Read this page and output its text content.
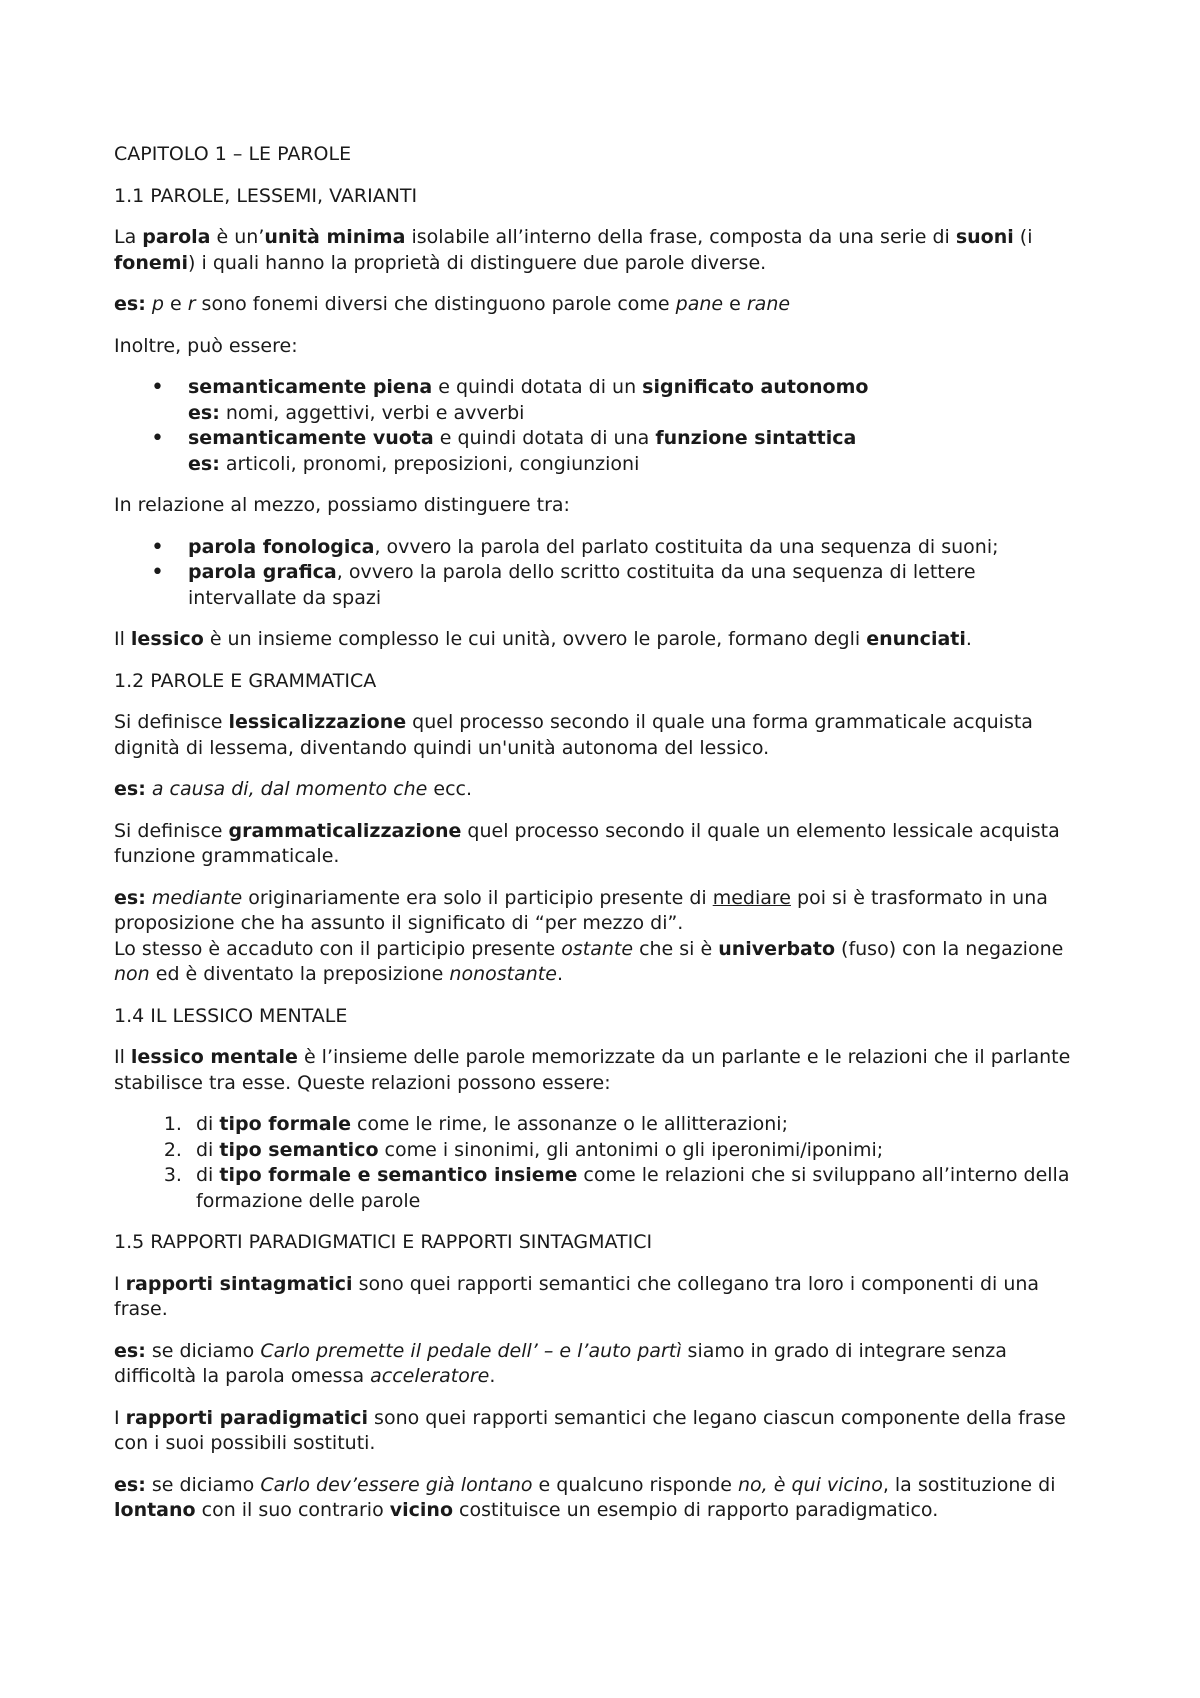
CAPITOLO 1 – LE PAROLE

1.1 PAROLE, LESSEMI, VARIANTI

La parola è un’unità minima isolabile all’interno della frase, composta da una serie di suoni (i fonemi) i quali hanno la proprietà di distinguere due parole diverse.

es: p e r sono fonemi diversi che distinguono parole come pane e rane

Inoltre, può essere:

• semanticamente piena e quindi dotata di un significato autonomo
es: nomi, aggettivi, verbi e avverbi
• semanticamente vuota e quindi dotata di una funzione sintattica
es: articoli, pronomi, preposizioni, congiunzioni

In relazione al mezzo, possiamo distinguere tra:

• parola fonologica, ovvero la parola del parlato costituita da una sequenza di suoni;
• parola grafica, ovvero la parola dello scritto costituita da una sequenza di lettere intervallate da spazi

Il lessico è un insieme complesso le cui unità, ovvero le parole, formano degli enunciati.

1.2 PAROLE E GRAMMATICA

Si definisce lessicalizzazione quel processo secondo il quale una forma grammaticale acquista dignità di lessema, diventando quindi un'unità autonoma del lessico.

es: a causa di, dal momento che ecc.

Si definisce grammaticalizzazione quel processo secondo il quale un elemento lessicale acquista funzione grammaticale.

es: mediante originariamente era solo il participio presente di mediare poi si è trasformato in una proposizione che ha assunto il significato di “per mezzo di”.
Lo stesso è accaduto con il participio presente ostante che si è univerbato (fuso) con la negazione non ed è diventato la preposizione nonostante.

1.4 IL LESSICO MENTALE

Il lessico mentale è l’insieme delle parole memorizzate da un parlante e le relazioni che il parlante stabilisce tra esse. Queste relazioni possono essere:

1. di tipo formale come le rime, le assonanze o le allitterazioni;
2. di tipo semantico come i sinonimi, gli antonimi o gli iperonimi/iponimi;
3. di tipo formale e semantico insieme come le relazioni che si sviluppano all’interno della formazione delle parole

1.5 RAPPORTI PARADIGMATICI E RAPPORTI SINTAGMATICI

I rapporti sintagmatici sono quei rapporti semantici che collegano tra loro i componenti di una frase.

es: se diciamo Carlo premette il pedale dell’ – e l’auto partì siamo in grado di integrare senza difficoltà la parola omessa acceleratore.

I rapporti paradigmatici sono quei rapporti semantici che legano ciascun componente della frase con i suoi possibili sostituti.

es: se diciamo Carlo dev’essere già lontano e qualcuno risponde no, è qui vicino, la sostituzione di lontano con il suo contrario vicino costituisce un esempio di rapporto paradigmatico.
